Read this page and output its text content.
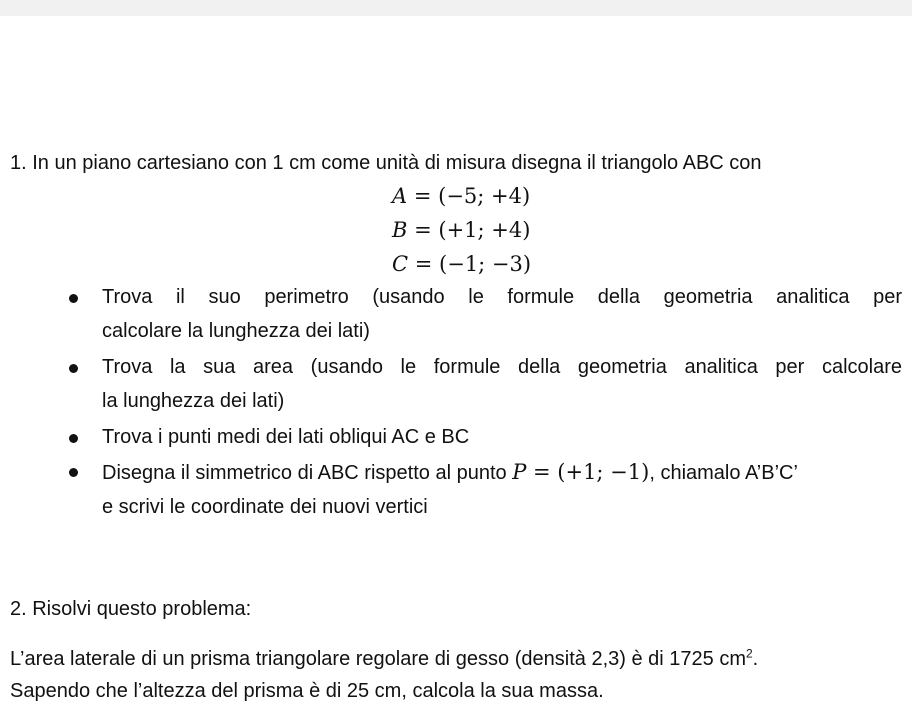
1. In un piano cartesiano con 1 cm come unità di misura disegna il triangolo ABC con
A = (−5; +4)
B = (+1; +4)
C = (−1; −3)
Trova il suo perimetro (usando le formule della geometria analitica per
calcolare la lunghezza dei lati)
Trova la sua area (usando le formule della geometria analitica per calcolare
la lunghezza dei lati)
Trova i punti medi dei lati obliqui AC e BC
Disegna il simmetrico di ABC rispetto al punto P = (+1; −1), chiamalo A’B’C’
e scrivi le coordinate dei nuovi vertici
2. Risolvi questo problema:
L’area laterale di un prisma triangolare regolare di gesso (densità 2,3) è di 1725 $cm^2$.
Sapendo che l’altezza del prisma è di 25 cm, calcola la sua massa.
